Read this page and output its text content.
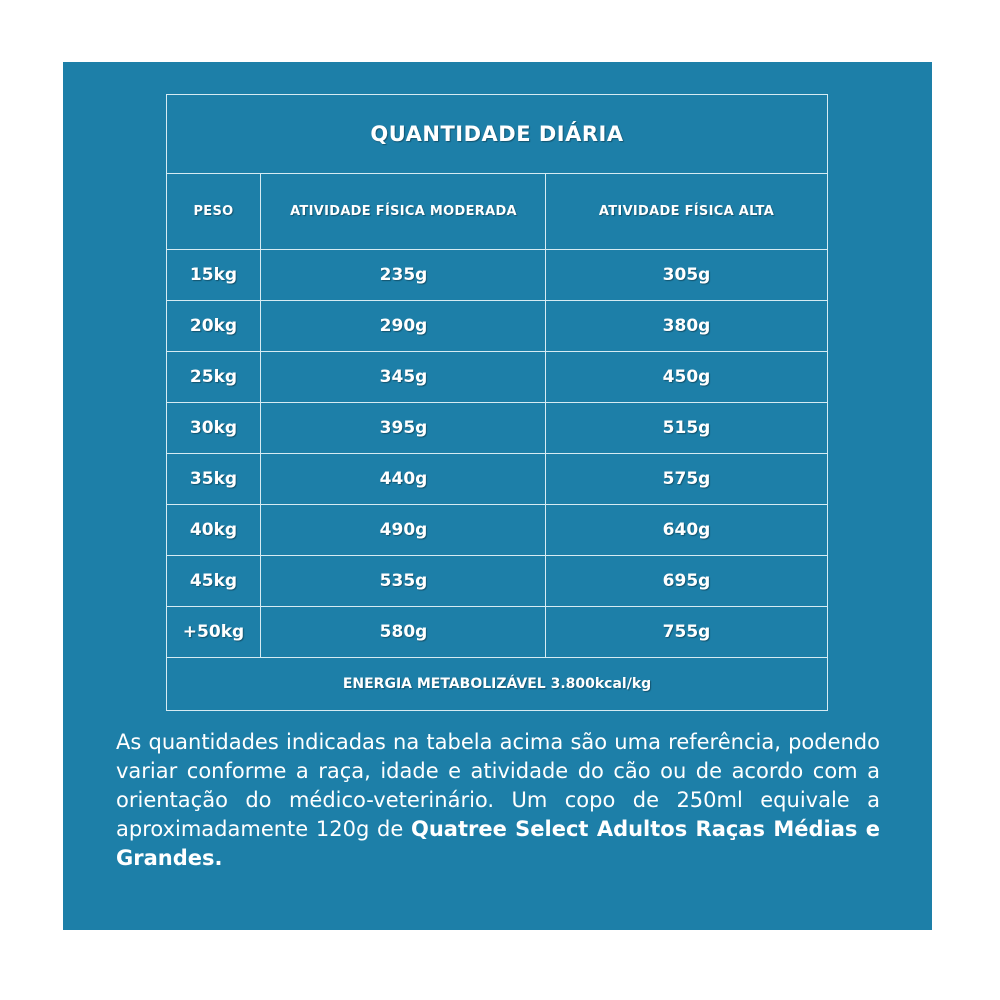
QUANTIDADE DIÁRIA
PESO	ATIVIDADE FÍSICA MODERADA	ATIVIDADE FÍSICA ALTA
15kg	235g	305g
20kg	290g	380g
25kg	345g	450g
30kg	395g	515g
35kg	440g	575g
40kg	490g	640g
45kg	535g	695g
+50kg	580g	755g
ENERGIA METABOLIZÁVEL 3.800kcal/kg
As quantidades indicadas na tabela acima são uma referência, podendo variar conforme a raça, idade e atividade do cão ou de acordo com a orientação do médico-veterinário. Um copo de 250ml equivale a aproximadamente 120g de Quatree Select Adultos Raças Médias e Grandes.
